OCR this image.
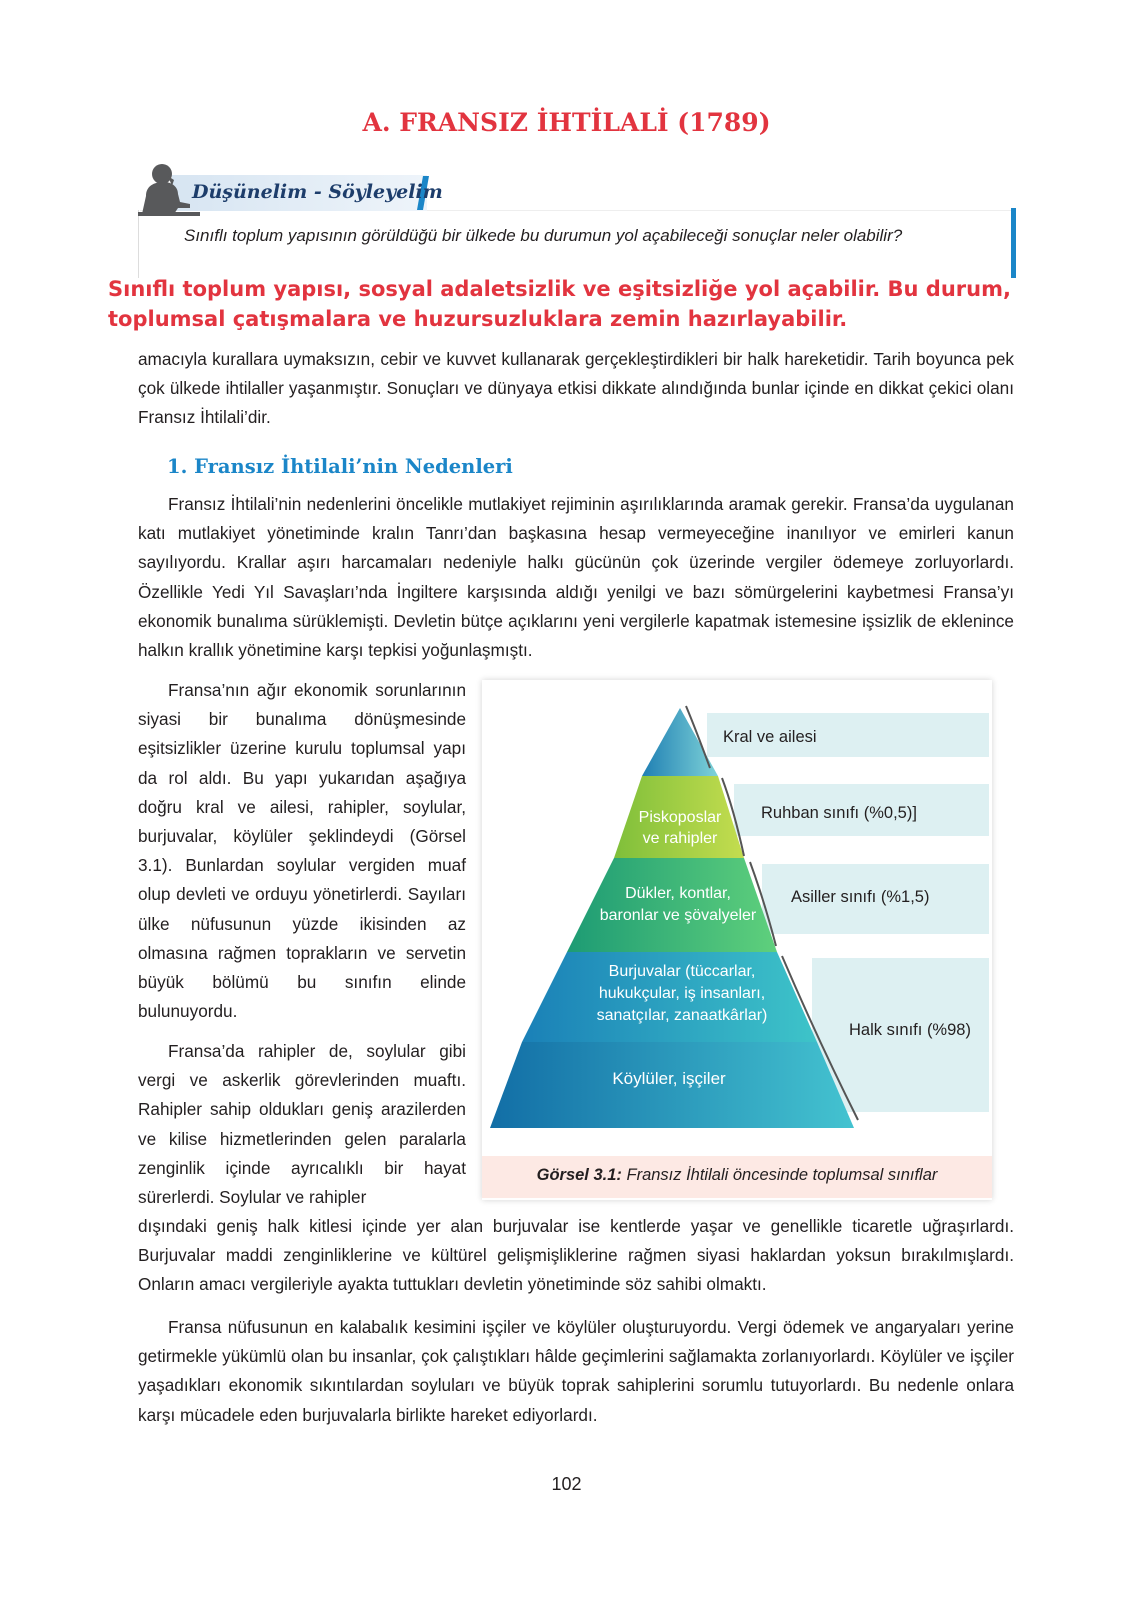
A. FRANSIZ İHTİLALİ (1789)
Düşünelim - Söyleyelim
Sınıflı toplum yapısının görüldüğü bir ülkede bu durumun yol açabileceği sonuçlar neler olabilir?
Sınıflı toplum yapısı, sosyal adaletsizlik ve eşitsizliğe yol açabilir. Bu durum, toplumsal çatışmalara ve huzursuzluklara zemin hazırlayabilir.
amacıyla kurallara uymaksızın, cebir ve kuvvet kullanarak gerçekleştirdikleri bir halk hareketidir. Tarih boyunca pek çok ülkede ihtilaller yaşanmıştır. Sonuçları ve dünyaya etkisi dikkate alındığında bunlar içinde en dikkat çekici olanı Fransız İhtilali’dir.
1. Fransız İhtilali’nin Nedenleri
Fransız İhtilali’nin nedenlerini öncelikle mutlakiyet rejiminin aşırılıklarında aramak gerekir. Fransa’da uygulanan katı mutlakiyet yönetiminde kralın Tanrı’dan başkasına hesap vermeyeceğine inanılıyor ve emirleri kanun sayılıyordu. Krallar aşırı harcamaları nedeniyle halkı gücünün çok üzerinde vergiler ödemeye zorluyorlardı. Özellikle Yedi Yıl Savaşları’nda İngiltere karşısında aldığı yenilgi ve bazı sömürgelerini kaybetmesi Fransa’yı ekonomik bunalıma sürüklemişti. Devletin bütçe açıklarını yeni vergilerle kapatmak istemesine işsizlik de eklenince halkın krallık yönetimine karşı tepkisi yoğunlaşmıştı.
Fransa’nın ağır ekonomik sorunlarının siyasi bir bunalıma dönüşmesinde eşitsizlikler üzerine kurulu toplumsal yapı da rol aldı. Bu yapı yukarıdan aşağıya doğru kral ve ailesi, rahipler, soylular, burjuvalar, köylüler şeklindeydi (Görsel 3.1). Bunlardan soylular vergiden muaf olup devleti ve orduyu yönetirlerdi. Sayıları ülke nüfusunun yüzde ikisinden az olmasına rağmen toprakların ve servetin büyük bölümü bu sınıfın elinde bulunuyordu.
Fransa’da rahipler de, soylular gibi vergi ve askerlik görevlerinden muaftı. Rahipler sahip oldukları geniş arazilerden ve kilise hizmetlerinden gelen paralarla zenginlik içinde ayrıcalıklı bir hayat sürerlerdi. Soylular ve rahipler
Piskoposlar
ve rahipler
Dükler, kontlar,
baronlar ve şövalyeler
Burjuvalar (tüccarlar,
hukukçular, iş insanları,
sanatçılar, zanaatkârlar)
Köylüler, işçiler
Kral ve ailesi
Ruhban sınıfı (%0,5)]
Asiller sınıfı (%1,5)
Halk sınıfı (%98)
Görsel 3.1: Fransız İhtilali öncesinde toplumsal sınıflar
dışındaki geniş halk kitlesi içinde yer alan burjuvalar ise kentlerde yaşar ve genellikle ticaretle uğraşırlardı. Burjuvalar maddi zenginliklerine ve kültürel gelişmişliklerine rağmen siyasi haklardan yoksun bırakılmışlardı. Onların amacı vergileriyle ayakta tuttukları devletin yönetiminde söz sahibi olmaktı.
Fransa nüfusunun en kalabalık kesimini işçiler ve köylüler oluşturuyordu. Vergi ödemek ve angaryaları yerine getirmekle yükümlü olan bu insanlar, çok çalıştıkları hâlde geçimlerini sağlamakta zorlanıyorlardı. Köylüler ve işçiler yaşadıkları ekonomik sıkıntılardan soyluları ve büyük toprak sahiplerini sorumlu tutuyorlardı. Bu nedenle onlara karşı mücadele eden burjuvalarla birlikte hareket ediyorlardı.
102
